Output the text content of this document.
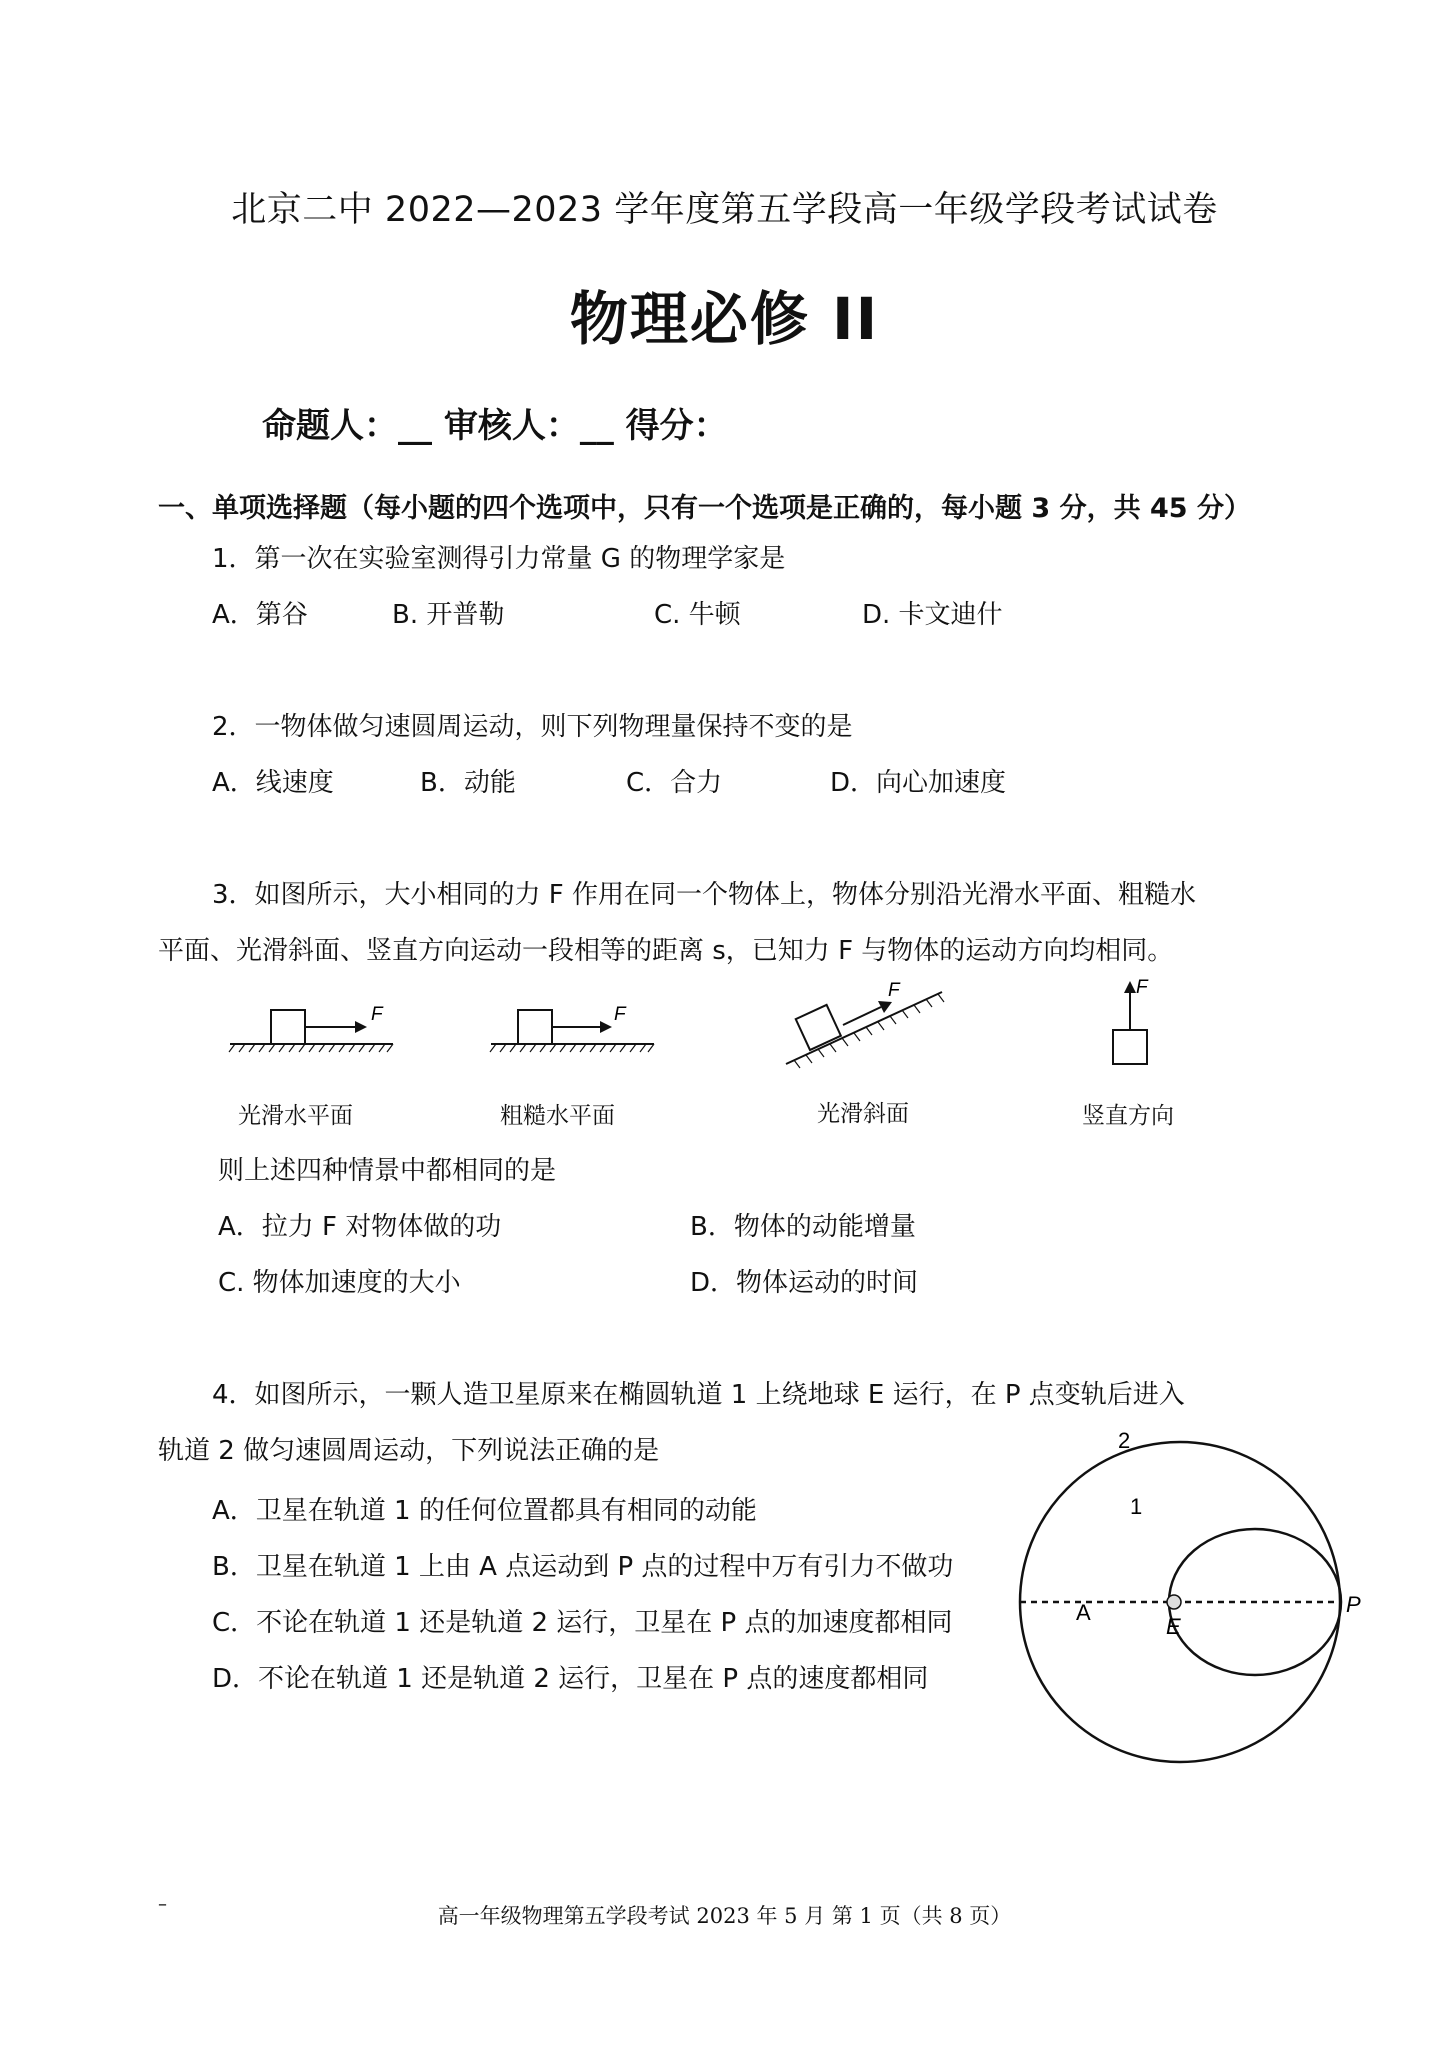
北京二中 2022—2023 学年度第五学段高一年级学段考试试卷
物理必修 II
命题人：__ 审核人：__ 得分：
一、单项选择题（每小题的四个选项中，只有一个选项是正确的，每小题 3 分，共 45 分）
1．第一次在实验室测得引力常量 G 的物理学家是
A．第谷	B. 开普勒	C. 牛顿	D. 卡文迪什
2．一物体做匀速圆周运动，则下列物理量保持不变的是
A．线速度	B．动能	C．合力	D．向心加速度
3．如图所示，大小相同的力 F 作用在同一个物体上，物体分别沿光滑水平面、粗糙水
平面、光滑斜面、竖直方向运动一段相等的距离 s，已知力 F 与物体的运动方向均相同。
F	F
F	F
光滑水平面	粗糙水平面	光滑斜面	竖直方向
则上述四种情景中都相同的是
A．拉力 F 对物体做的功	B．物体的动能增量
C. 物体加速度的大小	D．物体运动的时间
4．如图所示，一颗人造卫星原来在椭圆轨道 1 上绕地球 E 运行，在 P 点变轨后进入
轨道 2 做匀速圆周运动，下列说法正确的是
A．卫星在轨道 1 的任何位置都具有相同的动能
B．卫星在轨道 1 上由 A 点运动到 P 点的过程中万有引力不做功
C．不论在轨道 1 还是轨道 2 运行，卫星在 P 点的加速度都相同
D．不论在轨道 1 还是轨道 2 运行，卫星在 P 点的速度都相同
2
1
A
E
P
–	高一年级物理第五学段考试 2023 年 5 月 第 1 页（共 8 页）
